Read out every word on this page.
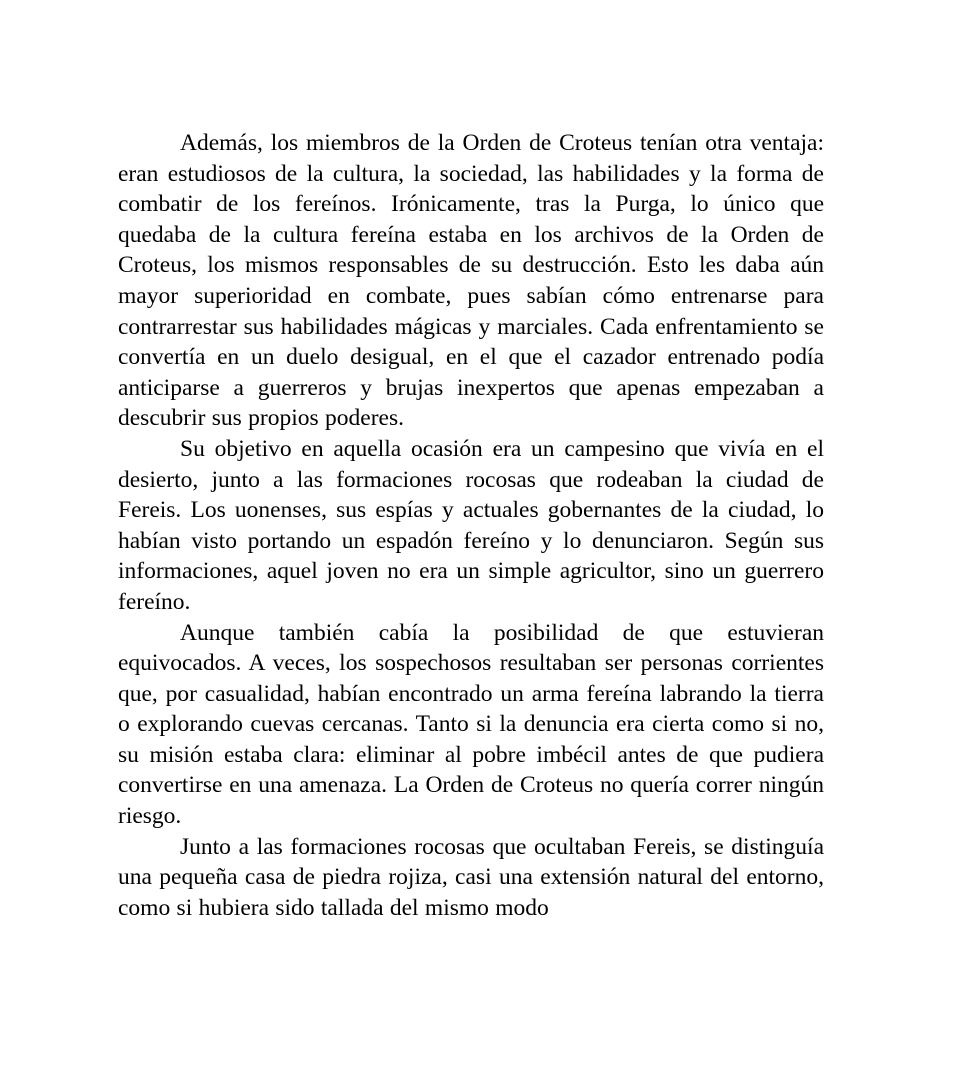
Además, los miembros de la Orden de Croteus tenían otra ventaja: eran estudiosos de la cultura, la sociedad, las habilidades y la forma de combatir de los fereínos. Irónicamente, tras la Purga, lo único que quedaba de la cultura fereína estaba en los archivos de la Orden de Croteus, los mismos responsables de su destrucción. Esto les daba aún mayor superioridad en combate, pues sabían cómo entrenarse para contrarrestar sus habilidades mágicas y marciales. Cada enfrentamiento se convertía en un duelo desigual, en el que el cazador entrenado podía anticiparse a guerreros y brujas inexpertos que apenas empezaban a descubrir sus propios poderes.

Su objetivo en aquella ocasión era un campesino que vivía en el desierto, junto a las formaciones rocosas que rodeaban la ciudad de Fereis. Los uonenses, sus espías y actuales gobernantes de la ciudad, lo habían visto portando un espadón fereíno y lo denunciaron. Según sus informaciones, aquel joven no era un simple agricultor, sino un guerrero fereíno.

Aunque también cabía la posibilidad de que estuvieran equivocados. A veces, los sospechosos resultaban ser personas corrientes que, por casualidad, habían encontrado un arma fereína labrando la tierra o explorando cuevas cercanas. Tanto si la denuncia era cierta como si no, su misión estaba clara: eliminar al pobre imbécil antes de que pudiera convertirse en una amenaza. La Orden de Croteus no quería correr ningún riesgo.

Junto a las formaciones rocosas que ocultaban Fereis, se distinguía una pequeña casa de piedra rojiza, casi una extensión natural del entorno, como si hubiera sido tallada del mismo modo
